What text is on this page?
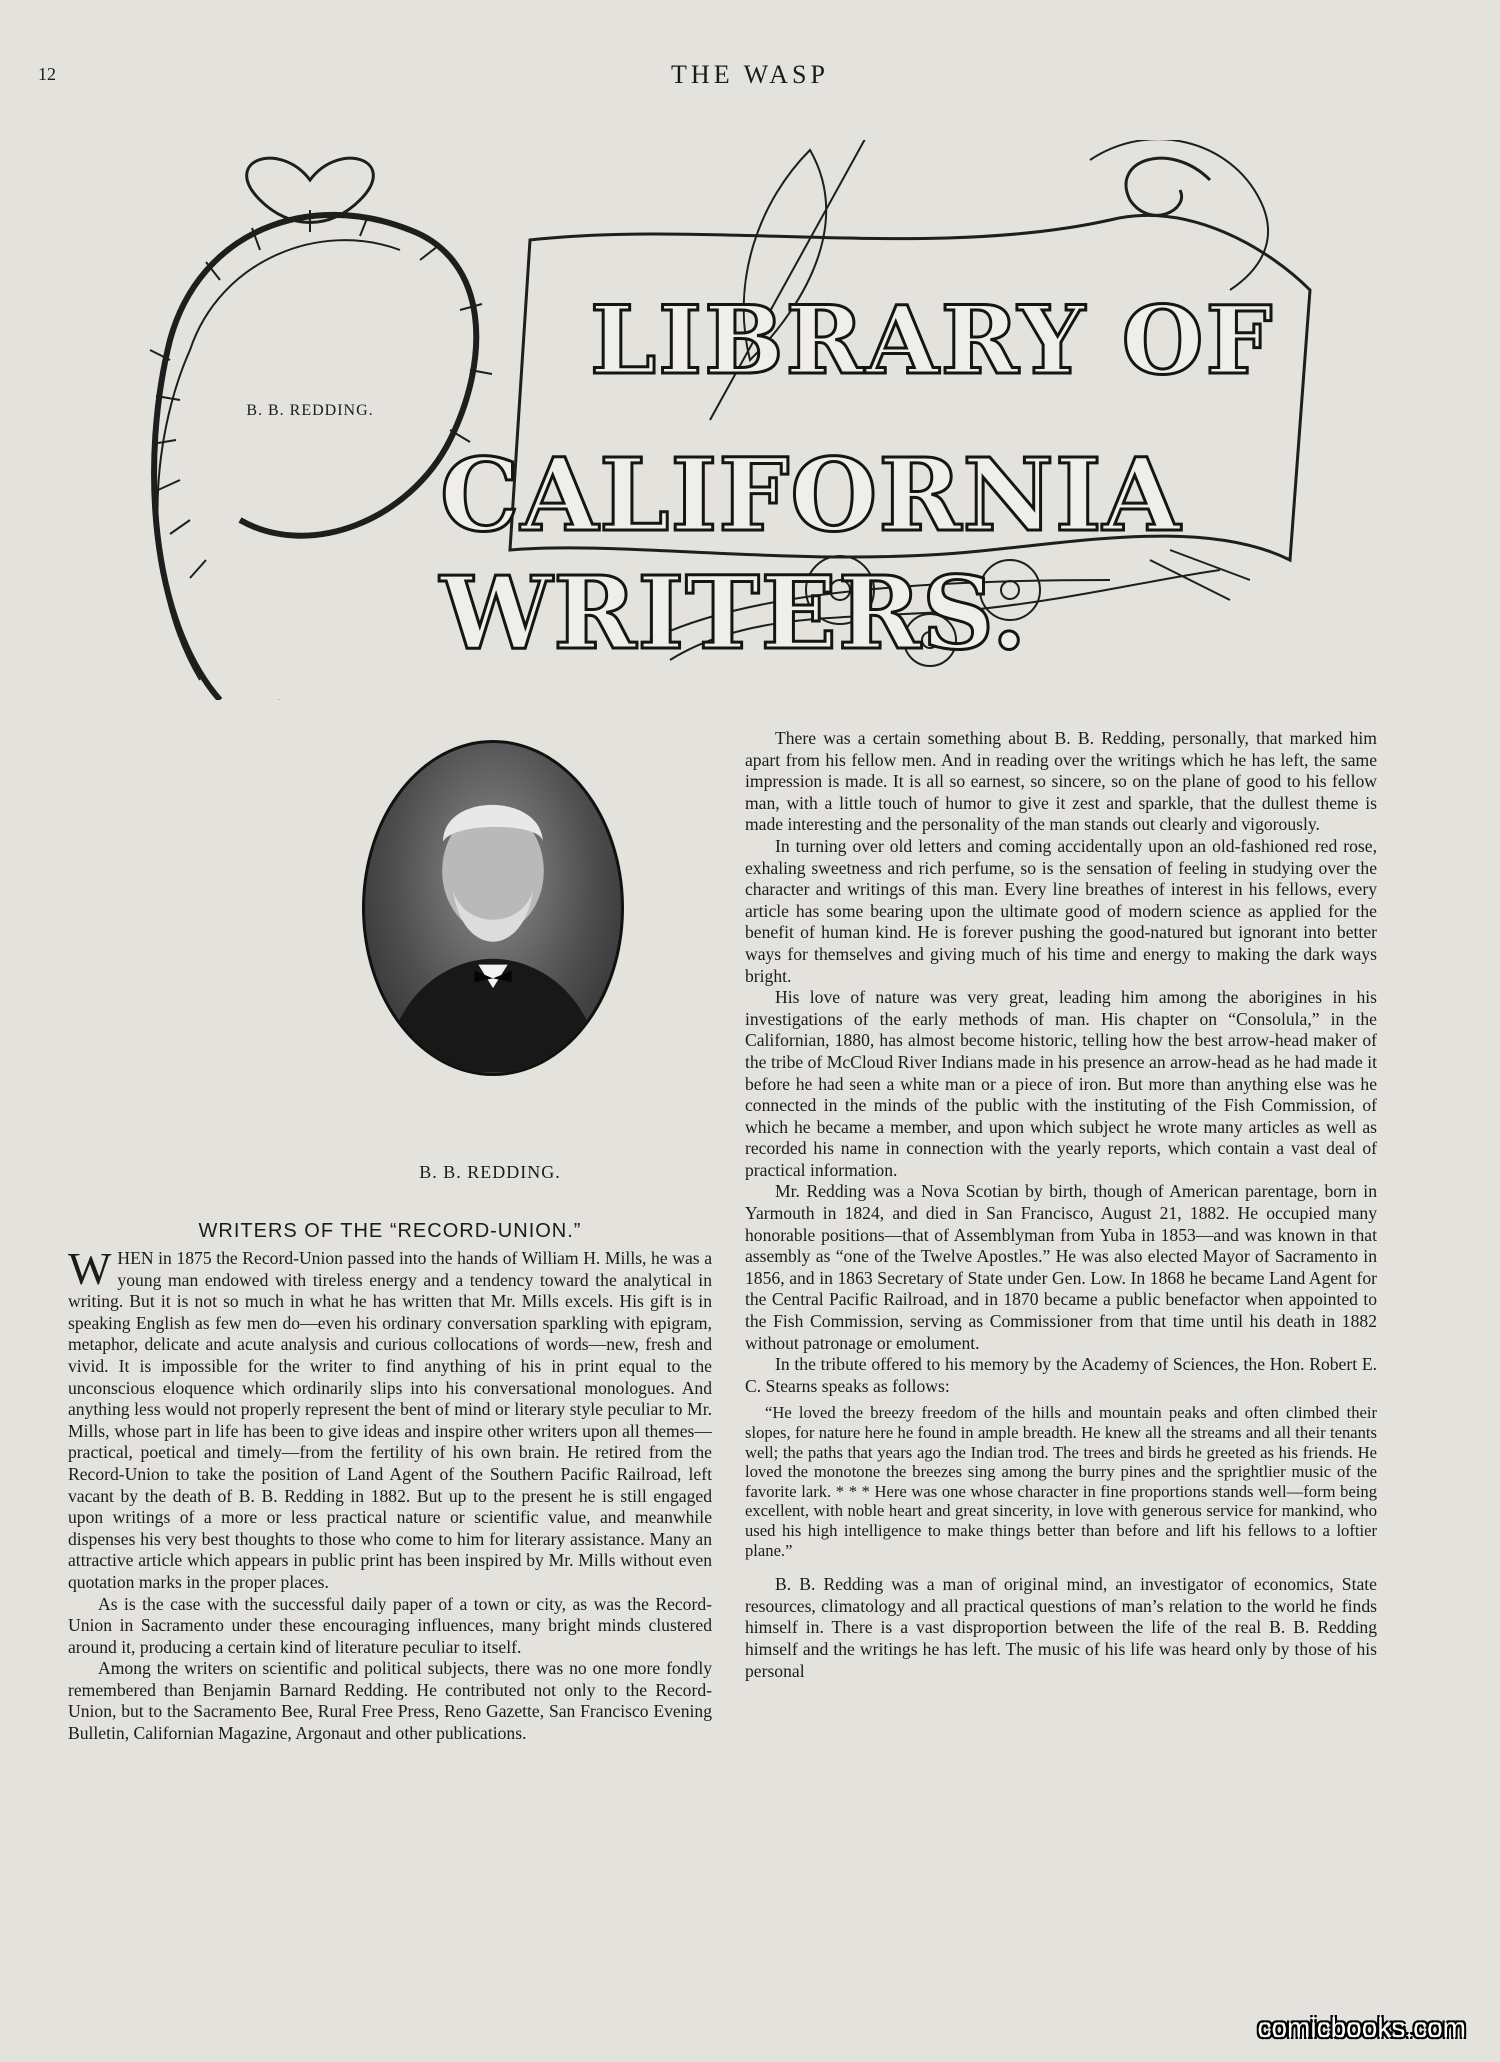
12	THE WASP
B. B. REDDING.
LIBRARY OF
CALIFORNIA WRITERS.
B. B. REDDING.
WRITERS OF THE “RECORD-UNION.”

WHEN in 1875 the Record-Union passed into the hands of William H. Mills, he was a young man endowed with tireless energy and a tendency toward the analytical in writing. But it is not so much in what he has written that Mr. Mills excels. His gift is in speaking English as few men do—even his ordinary conversation sparkling with epigram, metaphor, delicate and acute analysis and curious collocations of words—new, fresh and vivid. It is impossible for the writer to find anything of his in print equal to the unconscious eloquence which ordinarily slips into his conversational monologues. And anything less would not properly represent the bent of mind or literary style peculiar to Mr. Mills, whose part in life has been to give ideas and inspire other writers upon all themes—practical, poetical and timely—from the fertility of his own brain. He retired from the Record-Union to take the position of Land Agent of the Southern Pacific Railroad, left vacant by the death of B. B. Redding in 1882. But up to the present he is still engaged upon writings of a more or less practical nature or scientific value, and meanwhile dispenses his very best thoughts to those who come to him for literary assistance. Many an attractive article which appears in public print has been inspired by Mr. Mills without even quotation marks in the proper places.

As is the case with the successful daily paper of a town or city, as was the Record-Union in Sacramento under these encouraging influences, many bright minds clustered around it, producing a certain kind of literature peculiar to itself.

Among the writers on scientific and political subjects, there was no one more fondly remembered than Benjamin Barnard Redding. He contributed not only to the Record-Union, but to the Sacramento Bee, Rural Free Press, Reno Gazette, San Francisco Evening Bulletin, Californian Magazine, Argonaut and other publications.

There was a certain something about B. B. Redding, personally, that marked him apart from his fellow men. And in reading over the writings which he has left, the same impression is made. It is all so earnest, so sincere, so on the plane of good to his fellow man, with a little touch of humor to give it zest and sparkle, that the dullest theme is made interesting and the personality of the man stands out clearly and vigorously.

In turning over old letters and coming accidentally upon an old-fashioned red rose, exhaling sweetness and rich perfume, so is the sensation of feeling in studying over the character and writings of this man. Every line breathes of interest in his fellows, every article has some bearing upon the ultimate good of modern science as applied for the benefit of human kind. He is forever pushing the good-natured but ignorant into better ways for themselves and giving much of his time and energy to making the dark ways bright.

His love of nature was very great, leading him among the aborigines in his investigations of the early methods of man. His chapter on “Consolula,” in the Californian, 1880, has almost become historic, telling how the best arrow-head maker of the tribe of McCloud River Indians made in his presence an arrow-head as he had made it before he had seen a white man or a piece of iron. But more than anything else was he connected in the minds of the public with the instituting of the Fish Commission, of which he became a member, and upon which subject he wrote many articles as well as recorded his name in connection with the yearly reports, which contain a vast deal of practical information.

Mr. Redding was a Nova Scotian by birth, though of American parentage, born in Yarmouth in 1824, and died in San Francisco, August 21, 1882. He occupied many honorable positions—that of Assemblyman from Yuba in 1853—and was known in that assembly as “one of the Twelve Apostles.” He was also elected Mayor of Sacramento in 1856, and in 1863 Secretary of State under Gen. Low. In 1868 he became Land Agent for the Central Pacific Railroad, and in 1870 became a public benefactor when appointed to the Fish Commission, serving as Commissioner from that time until his death in 1882 without patronage or emolument.

In the tribute offered to his memory by the Academy of Sciences, the Hon. Robert E. C. Stearns speaks as follows:

“He loved the breezy freedom of the hills and mountain peaks and often climbed their slopes, for nature here he found in ample breadth. He knew all the streams and all their tenants well; the paths that years ago the Indian trod. The trees and birds he greeted as his friends. He loved the monotone the breezes sing among the burry pines and the sprightlier music of the favorite lark. * * * Here was one whose character in fine proportions stands well—form being excellent, with noble heart and great sincerity, in love with generous service for mankind, who used his high intelligence to make things better than before and lift his fellows to a loftier plane.”

B. B. Redding was a man of original mind, an investigator of economics, State resources, climatology and all practical questions of man’s relation to the world he finds himself in. There is a vast disproportion between the life of the real B. B. Redding himself and the writings he has left. The music of his life was heard only by those of his personal

comicbooks.com
